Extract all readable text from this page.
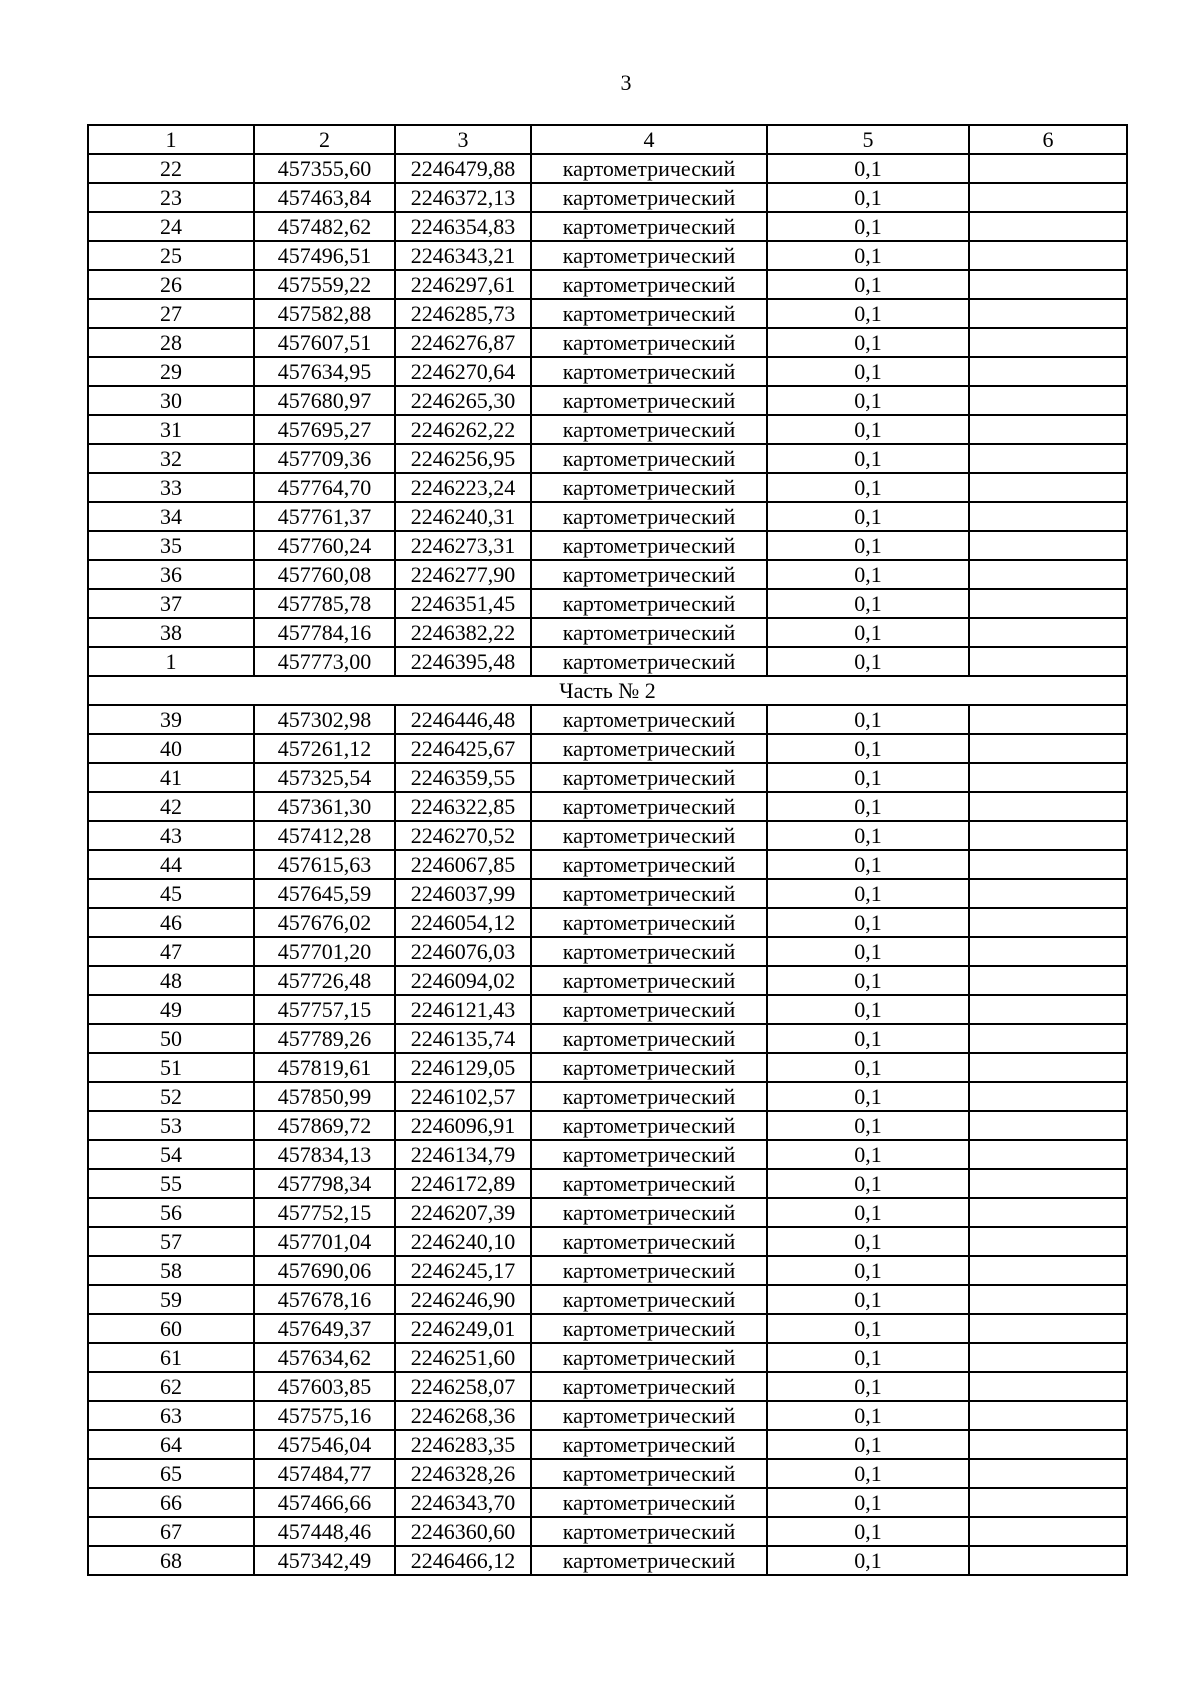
3
1	2	3	4	5	6
22	457355,60	2246479,88	картометрический	0,1	
23	457463,84	2246372,13	картометрический	0,1	
24	457482,62	2246354,83	картометрический	0,1	
25	457496,51	2246343,21	картометрический	0,1	
26	457559,22	2246297,61	картометрический	0,1	
27	457582,88	2246285,73	картометрический	0,1	
28	457607,51	2246276,87	картометрический	0,1	
29	457634,95	2246270,64	картометрический	0,1	
30	457680,97	2246265,30	картометрический	0,1	
31	457695,27	2246262,22	картометрический	0,1	
32	457709,36	2246256,95	картометрический	0,1	
33	457764,70	2246223,24	картометрический	0,1	
34	457761,37	2246240,31	картометрический	0,1	
35	457760,24	2246273,31	картометрический	0,1	
36	457760,08	2246277,90	картометрический	0,1	
37	457785,78	2246351,45	картометрический	0,1	
38	457784,16	2246382,22	картометрический	0,1	
1	457773,00	2246395,48	картометрический	0,1	
Часть № 2					
39	457302,98	2246446,48	картометрический	0,1	
40	457261,12	2246425,67	картометрический	0,1	
41	457325,54	2246359,55	картометрический	0,1	
42	457361,30	2246322,85	картометрический	0,1	
43	457412,28	2246270,52	картометрический	0,1	
44	457615,63	2246067,85	картометрический	0,1	
45	457645,59	2246037,99	картометрический	0,1	
46	457676,02	2246054,12	картометрический	0,1	
47	457701,20	2246076,03	картометрический	0,1	
48	457726,48	2246094,02	картометрический	0,1	
49	457757,15	2246121,43	картометрический	0,1	
50	457789,26	2246135,74	картометрический	0,1	
51	457819,61	2246129,05	картометрический	0,1	
52	457850,99	2246102,57	картометрический	0,1	
53	457869,72	2246096,91	картометрический	0,1	
54	457834,13	2246134,79	картометрический	0,1	
55	457798,34	2246172,89	картометрический	0,1	
56	457752,15	2246207,39	картометрический	0,1	
57	457701,04	2246240,10	картометрический	0,1	
58	457690,06	2246245,17	картометрический	0,1	
59	457678,16	2246246,90	картометрический	0,1	
60	457649,37	2246249,01	картометрический	0,1	
61	457634,62	2246251,60	картометрический	0,1	
62	457603,85	2246258,07	картометрический	0,1	
63	457575,16	2246268,36	картометрический	0,1	
64	457546,04	2246283,35	картометрический	0,1	
65	457484,77	2246328,26	картометрический	0,1	
66	457466,66	2246343,70	картометрический	0,1	
67	457448,46	2246360,60	картометрический	0,1	
68	457342,49	2246466,12	картометрический	0,1	
